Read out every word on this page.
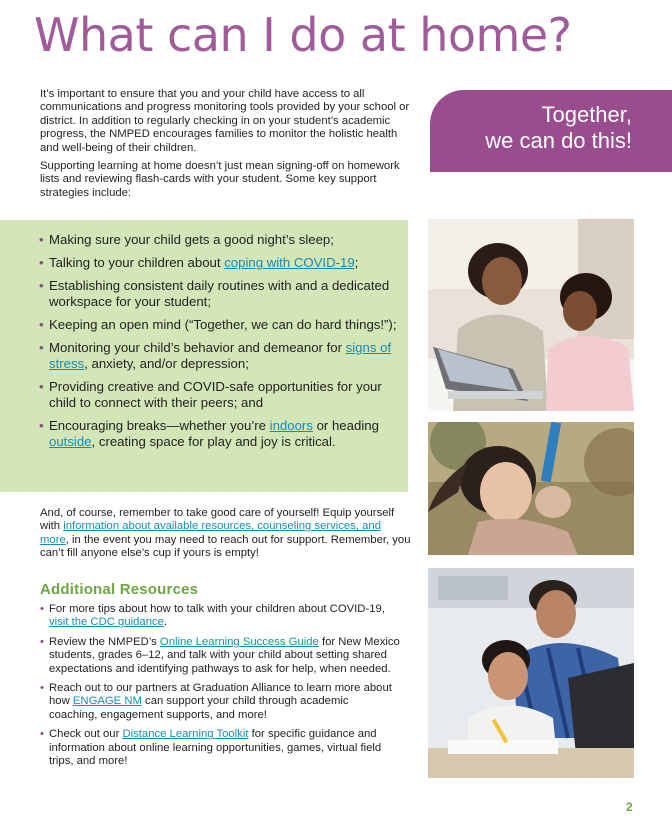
What can I do at home?

It’s important to ensure that you and your child have access to all communications and progress monitoring tools provided by your school or district. In addition to regularly checking in on your student’s academic progress, the NMPED encourages families to monitor the holistic health and well-being of their children.

Supporting learning at home doesn’t just mean signing-off on homework lists and reviewing flash-cards with your student. Some key support strategies include:

Together,
we can do this!
• Making sure your child gets a good night’s sleep;
• Talking to your children about coping with COVID-19;
• Establishing consistent daily routines with and a dedicated workspace for your student;
• Keeping an open mind (“Together, we can do hard things!”);
• Monitoring your child’s behavior and demeanor for signs of stress, anxiety, and/or depression;
• Providing creative and COVID-safe opportunities for your child to connect with their peers; and
• Encouraging breaks—whether you’re indoors or heading outside, creating space for play and joy is critical.
And, of course, remember to take good care of yourself! Equip yourself with information about available resources, counseling services, and more, in the event you may need to reach out for support. Remember, you can’t fill anyone else’s cup if yours is empty!
Additional Resources
• For more tips about how to talk with your children about COVID-19, visit the CDC guidance.
• Review the NMPED’s Online Learning Success Guide for New Mexico students, grades 6–12, and talk with your child about setting shared expectations and identifying pathways to ask for help, when needed.
• Reach out to our partners at Graduation Alliance to learn more about how ENGAGE NM can support your child through academic coaching, engagement supports, and more!
• Check out our Distance Learning Toolkit for specific guidance and information about online learning opportunities, games, virtual field trips, and more!
2
